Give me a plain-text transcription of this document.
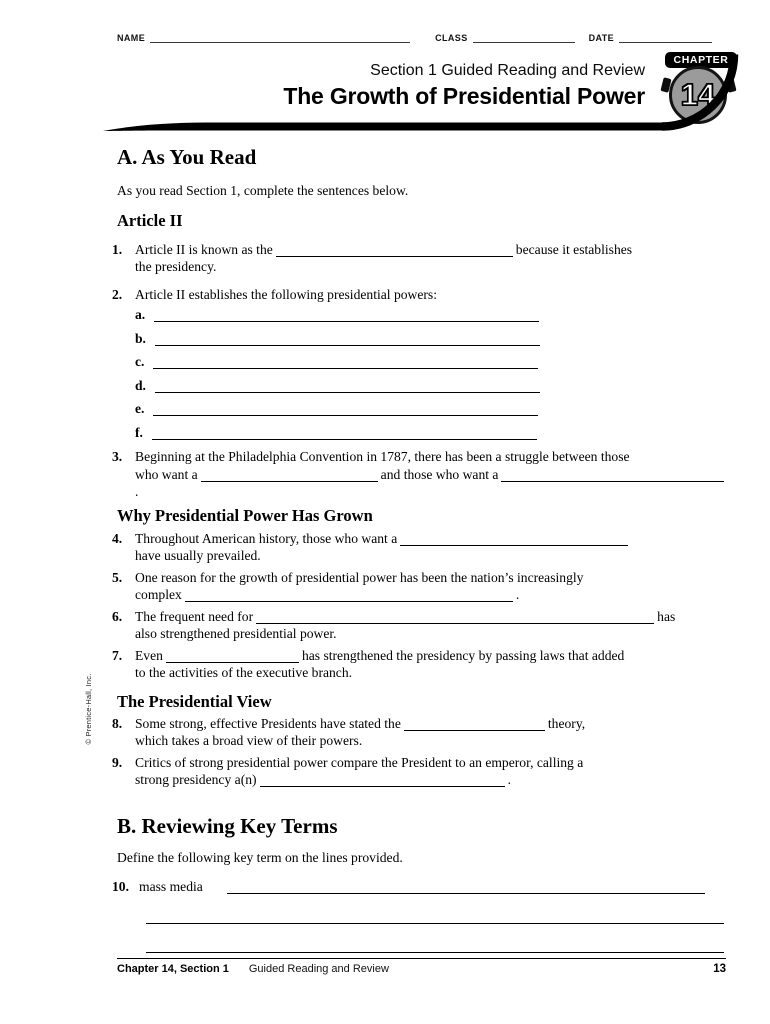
NAME	CLASS	DATE
Section 1 Guided Reading and Review
The Growth of Presidential Power
CHAPTER
14
A. As You Read
As you read Section 1, complete the sentences below.
Article II
1. Article II is known as the	because it establishes
the presidency.
2. Article II establishes the following presidential powers:
a.
b.
c.
d.
e.
f.
3. Beginning at the Philadelphia Convention in 1787, there has been a struggle between those
who want a	and those who want a.
Why Presidential Power Has Grown
4. Throughout American history, those who want a
have usually prevailed.
5. One reason for the growth of presidential power has been the nation’s increasingly
complex	.
6. The frequent need for	has
also strengthened presidential power.
7. Even	has strengthened the presidency by passing laws that added
to the activities of the executive branch.
The Presidential View
8. Some strong, effective Presidents have stated the	theory,
which takes a broad view of their powers.
9. Critics of strong presidential power compare the President to an emperor, calling a
strong presidency a(n)	.
B. Reviewing Key Terms
Define the following key term on the lines provided.
10. mass media
© Prentice-Hall, Inc.
Chapter 14, Section 1 Guided Reading and Review	13
